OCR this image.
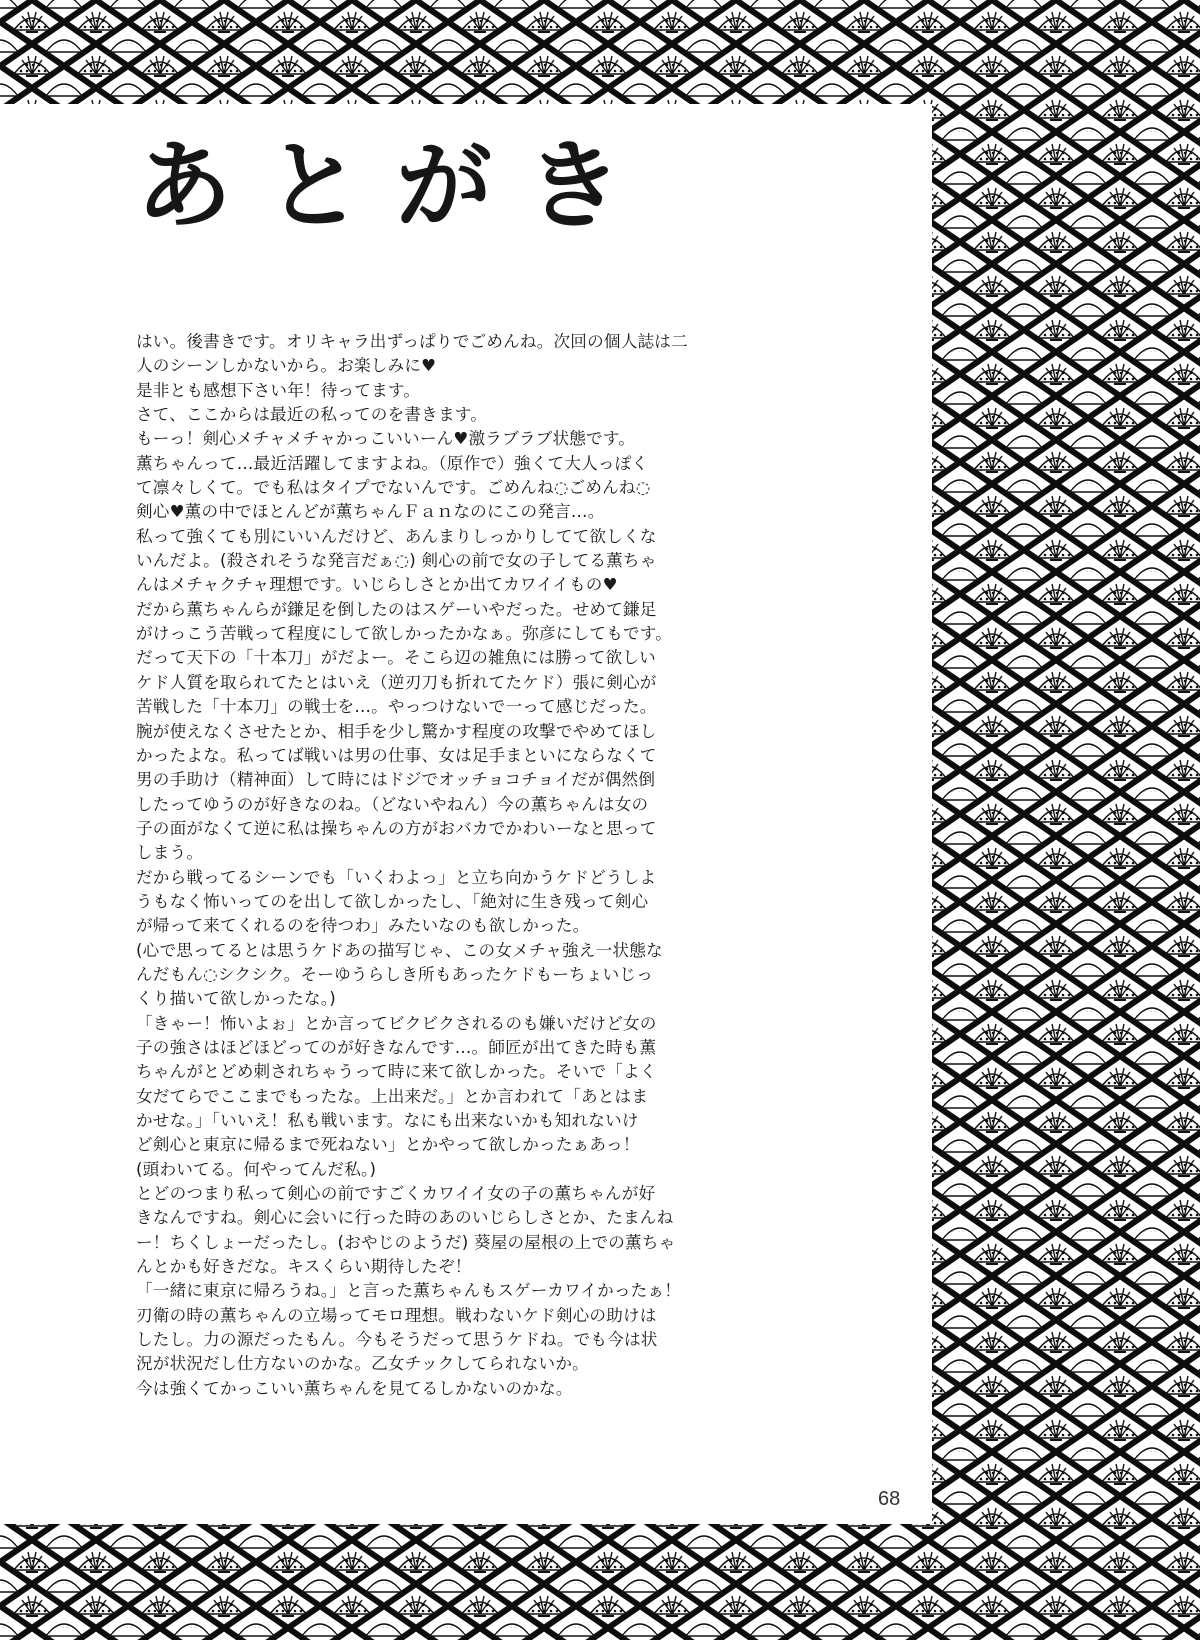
あとがき
はい。後書きです。オリキャラ出ずっぱりでごめんね。次回の個人誌は二
人のシーンしかないから。お楽しみに♥
是非とも感想下さい年！待ってます。
さて、ここからは最近の私ってのを書きます。
もーっ！剣心メチャメチャかっこいいーん♥激ラブラブ状態です。
薫ちゃんって…最近活躍してますよね。（原作で）強くて大人っぽく
て凛々しくて。でも私はタイプでないんです。ごめんね◌ごめんね◌
剣心♥薫の中でほとんどが薫ちゃんＦａｎなのにこの発言…。
私って強くても別にいいんだけど、あんまりしっかりしてて欲しくな
いんだよ。(殺されそうな発言だぁ◌) 剣心の前で女の子してる薫ちゃ
んはメチャクチャ理想です。いじらしさとか出てカワイイもの♥
だから薫ちゃんらが鎌足を倒したのはスゲーいやだった。せめて鎌足
がけっこう苦戦って程度にして欲しかったかなぁ。弥彦にしてもです。
だって天下の「十本刀」がだよー。そこら辺の雑魚には勝って欲しい
ケド人質を取られてたとはいえ（逆刃刀も折れてたケド）張に剣心が
苦戦した「十本刀」の戦士を…。やっつけないで一って感じだった。
腕が使えなくさせたとか、相手を少し驚かす程度の攻撃でやめてほし
かったよな。私ってば戦いは男の仕事、女は足手まといにならなくて
男の手助け（精神面）して時にはドジでオッチョコチョイだが偶然倒
したってゆうのが好きなのね。（どないやねん）今の薫ちゃんは女の
子の面がなくて逆に私は操ちゃんの方がおバカでかわいーなと思って
しまう。
だから戦ってるシーンでも「いくわよっ」と立ち向かうケドどうしよ
うもなく怖いってのを出して欲しかったし、「絶対に生き残って剣心
が帰って来てくれるのを待つわ」みたいなのも欲しかった。
(心で思ってるとは思うケドあの描写じゃ、この女メチャ強え一状態な
んだもん◌シクシク。そーゆうらしき所もあったケドもーちょいじっ
くり描いて欲しかったな。)
「きゃー！怖いよぉ」とか言ってビクビクされるのも嫌いだけど女の
子の強さはほどほどってのが好きなんです…。師匠が出てきた時も薫
ちゃんがとどめ刺されちゃうって時に来て欲しかった。そいで「よく
女だてらでここまでもったな。上出来だ。」とか言われて「あとはま
かせな。」「いいえ！私も戦います。なにも出来ないかも知れないけ
ど剣心と東京に帰るまで死ねない」とかやって欲しかったぁあっ！
(頭わいてる。何やってんだ私。)
とどのつまり私って剣心の前ですごくカワイイ女の子の薫ちゃんが好
きなんですね。剣心に会いに行った時のあのいじらしさとか、たまんね
ー！ちくしょーだったし。(おやじのようだ) 葵屋の屋根の上での薫ちゃ
んとかも好きだな。キスくらい期待したぞ！
「一緒に東京に帰ろうね。」と言った薫ちゃんもスゲーカワイかったぁ！
刃衛の時の薫ちゃんの立場ってモロ理想。戦わないケド剣心の助けは
したし。力の源だったもん。今もそうだって思うケドね。でも今は状
況が状況だし仕方ないのかな。乙女チックしてられないか。
今は強くてかっこいい薫ちゃんを見てるしかないのかな。
68
